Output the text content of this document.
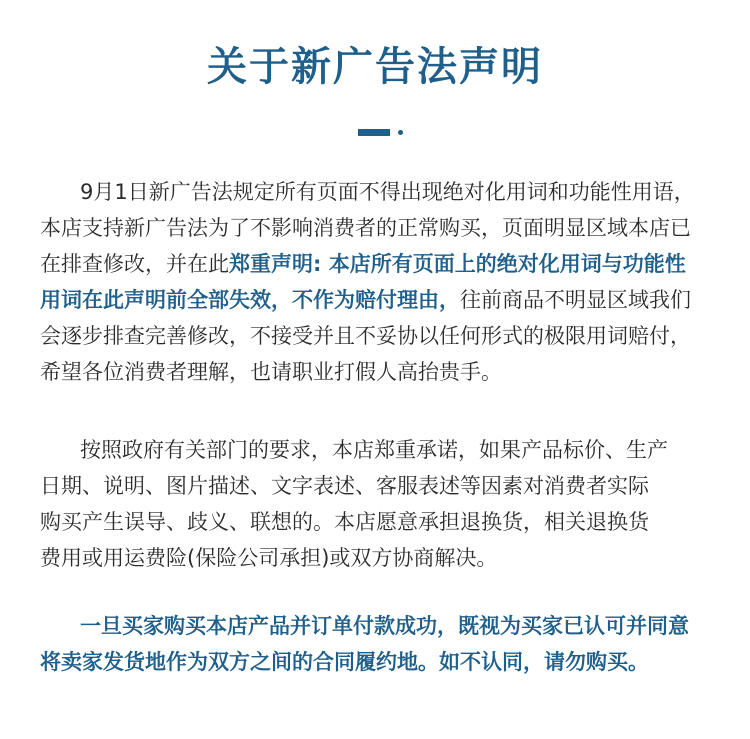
关于新广告法声明
9月1日新广告法规定所有页面不得出现绝对化用词和功能性用语，
本店支持新广告法为了不影响消费者的正常购买，页面明显区域本店已
在排查修改，并在此郑重声明: 本店所有页面上的绝对化用词与功能性
用词在此声明前全部失效，不作为赔付理由，往前商品不明显区域我们
会逐步排查完善修改，不接受并且不妥协以任何形式的极限用词赔付，
希望各位消费者理解，也请职业打假人高抬贵手。
按照政府有关部门的要求，本店郑重承诺，如果产品标价、生产
日期、说明、图片描述、文字表述、客服表述等因素对消费者实际
购买产生误导、歧义、联想的。本店愿意承担退换货，相关退换货
费用或用运费险(保险公司承担)或双方协商解决。
一旦买家购买本店产品并订单付款成功，既视为买家已认可并同意
将卖家发货地作为双方之间的合同履约地。如不认同，请勿购买。
